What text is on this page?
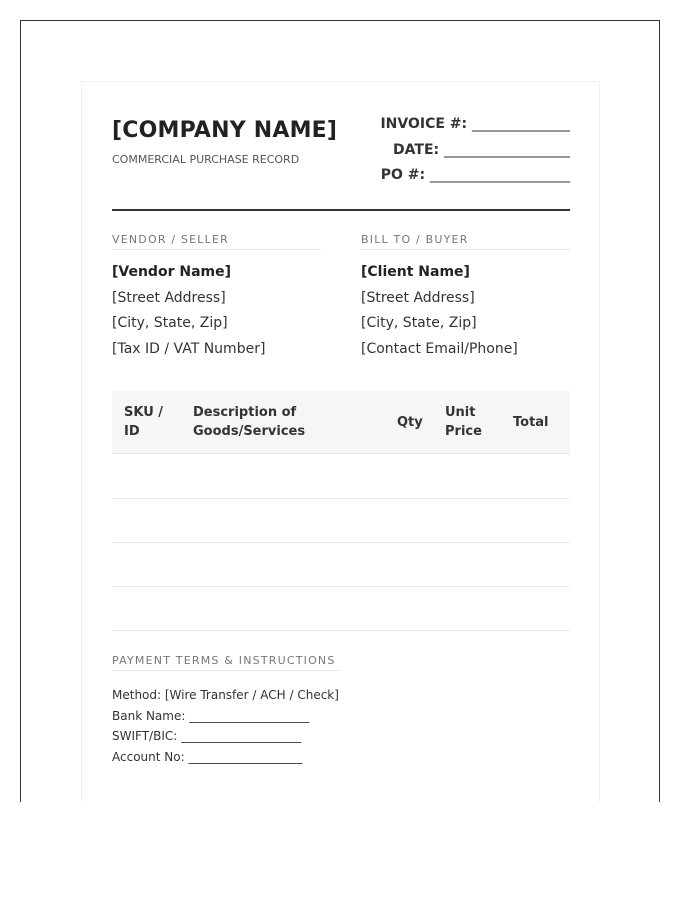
[COMPANY NAME]
COMMERCIAL PURCHASE RECORD
INVOICE #: ______________
DATE: __________________
PO #: ____________________
VENDOR / SELLER
[Vendor Name]
[Street Address]
[City, State, Zip]
[Tax ID / VAT Number]
BILL TO / BUYER
[Client Name]
[Street Address]
[City, State, Zip]
[Contact Email/Phone]
SKU / ID
Description of Goods/Services
Qty
Unit Price
Total
PAYMENT TERMS & INSTRUCTIONS
Method: [Wire Transfer / ACH / Check]
Bank Name: ____________________
SWIFT/BIC: ____________________
Account No: ___________________
